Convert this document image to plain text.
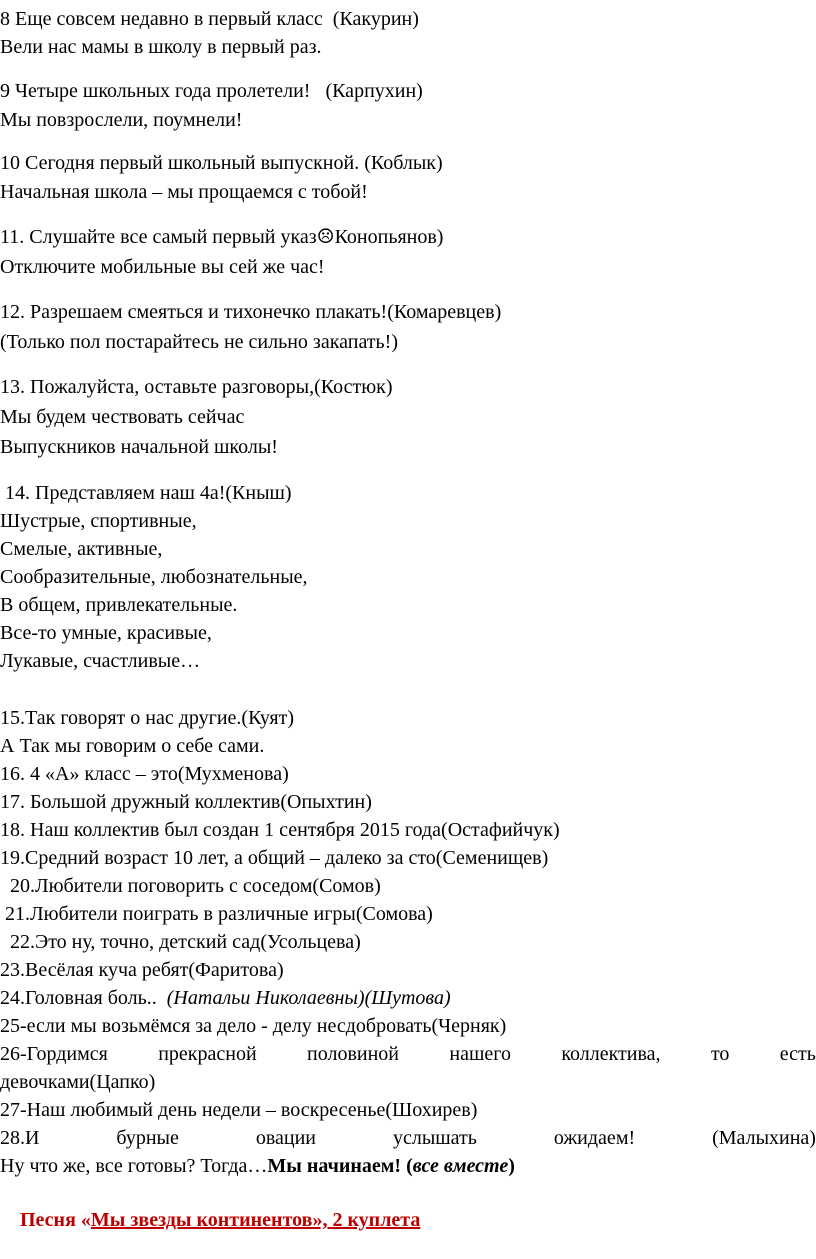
8 Еще совсем недавно в первый класс  (Какурин)
Вели нас мамы в школу в первый раз.
9 Четыре школьных года пролетели!   (Карпухин)
Мы повзрослели, поумнели!
10 Сегодня первый школьный выпускной. (Коблык)
Начальная школа – мы прощаемся с тобой!
11. Слушайте все самый первый указ☹Конопьянов)
Отключите мобильные вы сей же час!
12. Разрешаем смеяться и тихонечко плакать!(Комаревцев)
(Только пол постарайтесь не сильно закапать!)
13. Пожалуйста, оставьте разговоры,(Костюк)
Мы будем чествовать сейчас
Выпускников начальной школы!
14. Представляем наш 4а!(Кныш)
Шустрые, спортивные,
Смелые, активные,
Сообразительные, любознательные,
В общем, привлекательные.
Все-то умные, красивые,
Лукавые, счастливые…
15.Так говорят о нас другие.(Куят)
А Так мы говорим о себе сами.
16. 4 «А» класс – это(Мухменова)
17. Большой дружный коллектив(Опыхтин)
18. Наш коллектив был создан 1 сентября 2015 года(Остафийчук)
19.Средний возраст 10 лет, а общий – далеко за сто(Семенищев)
20.Любители поговорить с соседом(Сомов)
21.Любители поиграть в различные игры(Сомова)
22.Это ну, точно, детский сад(Усольцева)
23.Весёлая куча ребят(Фаритова)
24.Головная боль..  (Натальи Николаевны)(Шутова)
25-если мы возьмёмся за дело - делу несдобровать(Черняк)
26-Гордимся	прекрасной	половиной	нашего	коллектива,	то	есть
девочками(Цапко)
27-Наш любимый день недели – воскресенье(Шохирев)
28.И	бурные	овации	услышать	ожидаем!	(Малыхина)
Ну что же, все готовы? Тогда…Мы начинаем! (все вместе)
Песня «Мы звезды континентов», 2 куплета
